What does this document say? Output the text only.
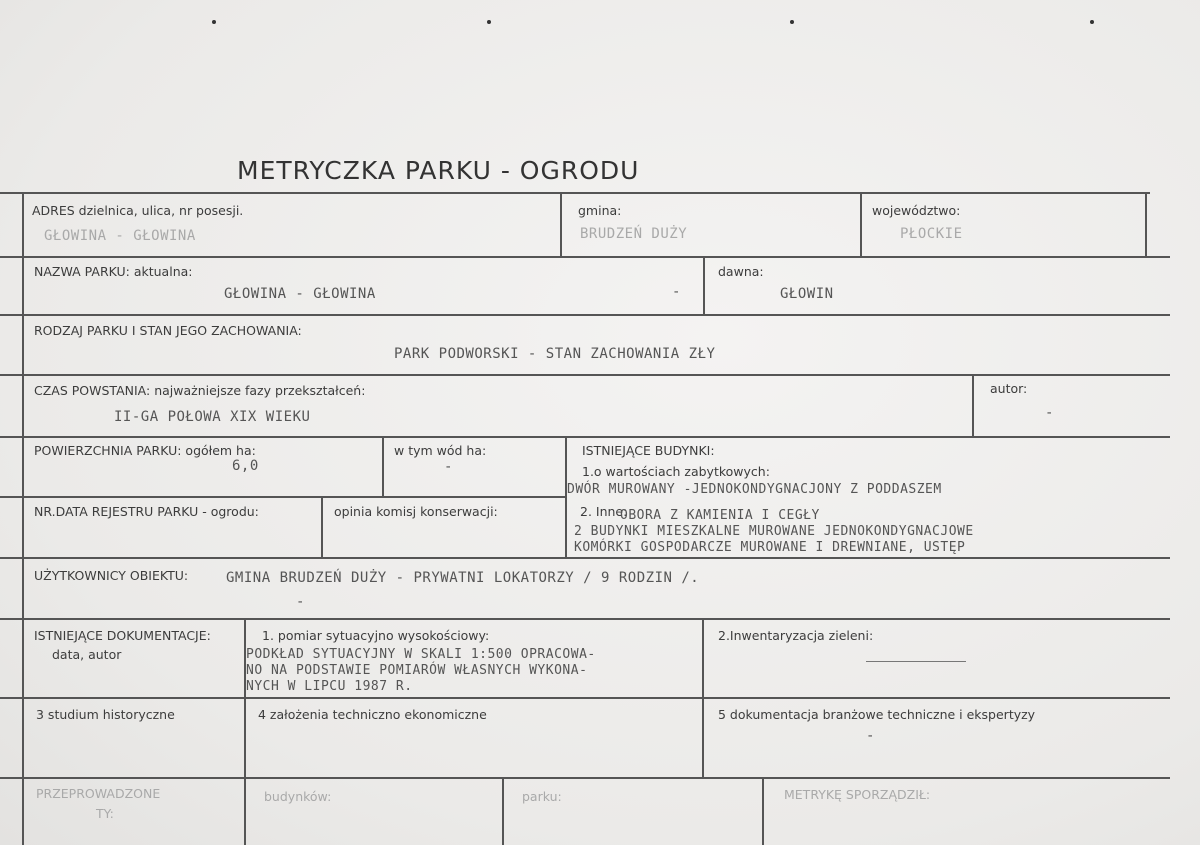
METRYCZKA PARKU - OGRODU
ADRES dzielnica, ulica, nr posesji.
GŁOWINA - GŁOWINA
gmina:
BRUDZEŃ DUŻY
województwo:
PŁOCKIE
NAZWA PARKU: aktualna:
GŁOWINA - GŁOWINA	-
dawna:
GŁOWIN
RODZAJ PARKU I STAN JEGO ZACHOWANIA:
PARK PODWORSKI - STAN ZACHOWANIA ZŁY
CZAS POWSTANIA: najważniejsze fazy przekształceń:
II-GA POŁOWA XIX WIEKU
autor:
-
POWIERZCHNIA PARKU: ogółem ha:
6,0
w tym wód ha:
-
ISTNIEJĄCE BUDYNKI:
1.o wartościach zabytkowych:
DWÓR MUROWANY -JEDNOKONDYGNACJONY Z PODDASZEM
NR.DATA REJESTRU PARKU - ogrodu:	opinia komisj konserwacji:	2. Inne:
OBORA Z KAMIENIA I CEGŁY
2 BUDYNKI MIESZKALNE MUROWANE JEDNOKONDYGNACJOWE
KOMÓRKI GOSPODARCZE MUROWANE I DREWNIANE, USTĘP
UŻYTKOWNICY OBIEKTU:	GMINA BRUDZEŃ DUŻY - PRYWATNI LOKATORZY / 9 RODZIN /.
-
ISTNIEJĄCE DOKUMENTACJE:
data, autor
1. pomiar sytuacyjno wysokościowy:
PODKŁAD SYTUACYJNY W SKALI 1:500 OPRACOWA-
NO NA PODSTAWIE POMIARÓW WŁASNYCH WYKONA-
NYCH W LIPCU 1987 R.
2.Inwentaryzacja zieleni:
3 studium historyczne	4 założenia techniczno ekonomiczne	5 dokumentacja branżowe techniczne i ekspertyzy
-
PRZEPROWADZONE
TY:
budynków:	parku:	METRYKĘ SPORZĄDZIŁ:
